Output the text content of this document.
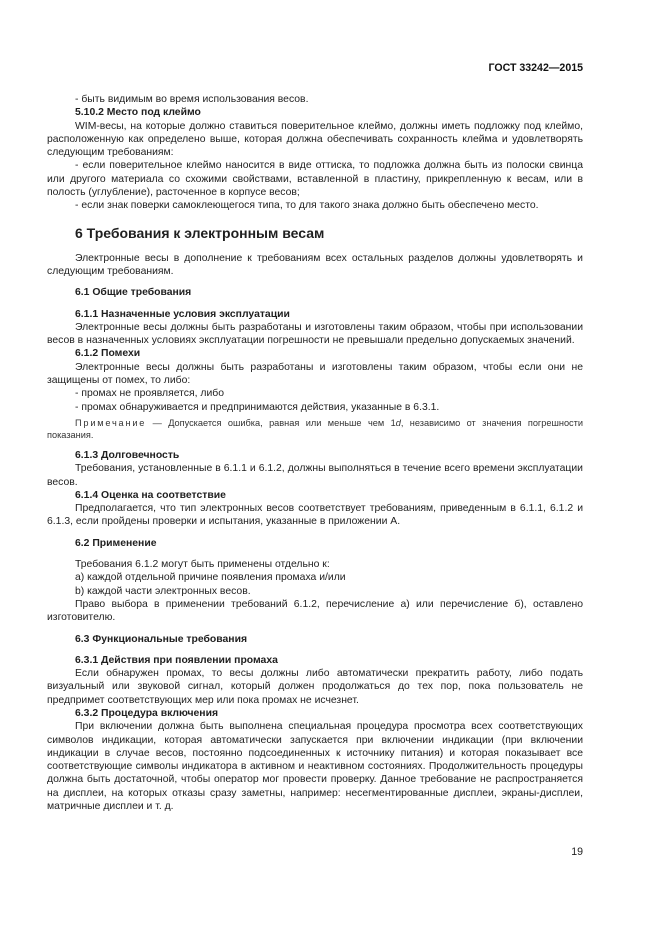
ГОСТ 33242—2015

- быть видимым во время использования весов.

5.10.2 Место под клеймо

WIM-весы, на которые должно ставиться поверительное клеймо, должны иметь подложку под клеймо, расположенную как определено выше, которая должна обеспечивать сохранность клейма и удовлетворять следующим требованиям:

- если поверительное клеймо наносится в виде оттиска, то подложка должна быть из полоски свинца или другого материала со схожими свойствами, вставленной в пластину, прикрепленную к весам, или в полость (углубление), расточенное в корпусе весов;

- если знак поверки самоклеющегося типа, то для такого знака должно быть обеспечено место.

6 Требования к электронным весам

Электронные весы в дополнение к требованиям всех остальных разделов должны удовлетворять и следующим требованиям.

6.1 Общие требования

6.1.1 Назначенные условия эксплуатации

Электронные весы должны быть разработаны и изготовлены таким образом, чтобы при использовании весов в назначенных условиях эксплуатации погрешности не превышали предельно допускаемых значений.

6.1.2 Помехи

Электронные весы должны быть разработаны и изготовлены таким образом, чтобы если они не защищены от помех, то либо:

- промах не проявляется, либо

- промах обнаруживается и предпринимаются действия, указанные в 6.3.1.

Примечание — Допускается ошибка, равная или меньше чем 1d, независимо от значения погрешности показания.

6.1.3 Долговечность

Требования, установленные в 6.1.1 и 6.1.2, должны выполняться в течение всего времени эксплуатации весов.

6.1.4 Оценка на соответствие

Предполагается, что тип электронных весов соответствует требованиям, приведенным в 6.1.1, 6.1.2 и 6.1.3, если пройдены проверки и испытания, указанные в приложении А.

6.2 Применение

Требования 6.1.2 могут быть применены отдельно к:

а) каждой отдельной причине появления промаха и/или

b) каждой части электронных весов.

Право выбора в применении требований 6.1.2, перечисление а) или перечисление б), оставлено изготовителю.

6.3 Функциональные требования

6.3.1 Действия при появлении промаха

Если обнаружен промах, то весы должны либо автоматически прекратить работу, либо подать визуальный или звуковой сигнал, который должен продолжаться до тех пор, пока пользователь не предпримет соответствующих мер или пока промах не исчезнет.

6.3.2 Процедура включения

При включении должна быть выполнена специальная процедура просмотра всех соответствующих символов индикации, которая автоматически запускается при включении индикации (при включении индикации в случае весов, постоянно подсоединенных к источнику питания) и которая показывает все соответствующие символы индикатора в активном и неактивном состояниях. Продолжительность процедуры должна быть достаточной, чтобы оператор мог провести проверку. Данное требование не распространяется на дисплеи, на которых отказы сразу заметны, например: несегментированные дисплеи, экраны-дисплеи, матричные дисплеи и т. д.

19
